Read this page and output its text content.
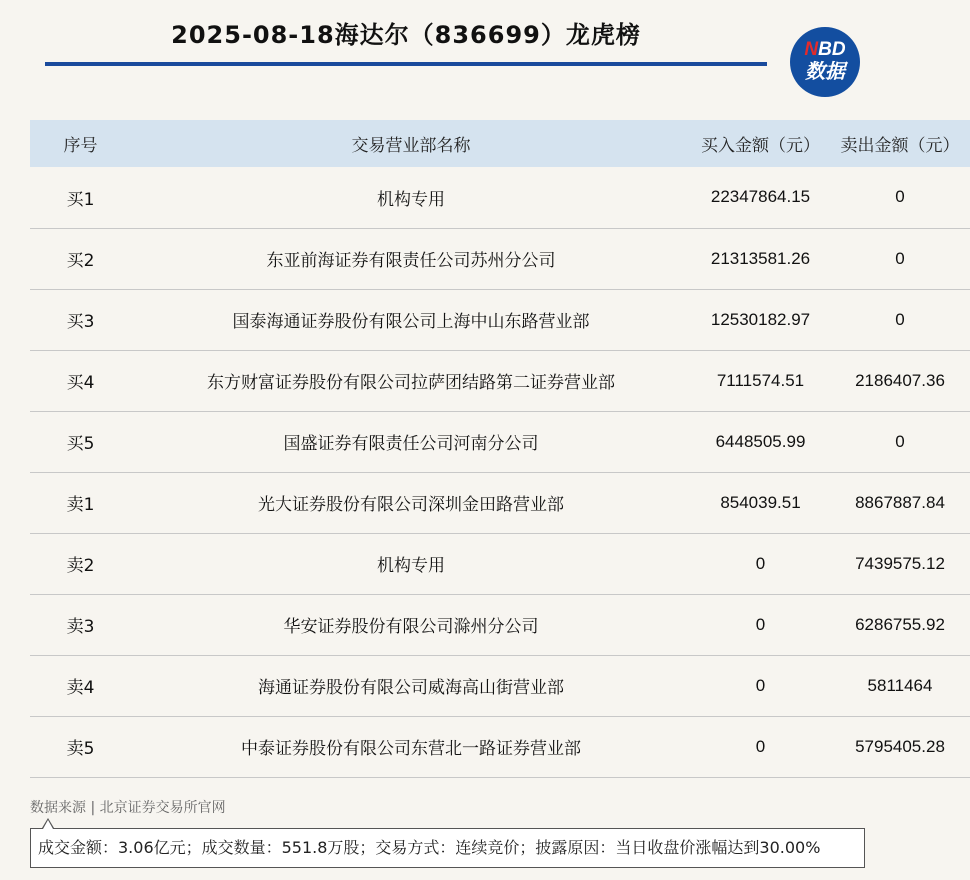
2025-08-18海达尔（836699）龙虎榜
NBD
数据
序号	交易营业部名称	买入金额（元）	卖出金额（元）
买1	机构专用	22347864.15	0
买2	东亚前海证券有限责任公司苏州分公司	21313581.26	0
买3	国泰海通证券股份有限公司上海中山东路营业部	12530182.97	0
买4	东方财富证券股份有限公司拉萨团结路第二证券营业部	7111574.51	2186407.36
买5	国盛证券有限责任公司河南分公司	6448505.99	0
卖1	光大证券股份有限公司深圳金田路营业部	854039.51	8867887.84
卖2	机构专用	0	7439575.12
卖3	华安证券股份有限公司滁州分公司	0	6286755.92
卖4	海通证券股份有限公司威海高山街营业部	0	5811464
卖5	中泰证券股份有限公司东营北一路证券营业部	0	5795405.28
数据来源 | 北京证券交易所官网
成交金额：3.06亿元；成交数量：551.8万股；交易方式：连续竞价；披露原因：当日收盘价涨幅达到30.00%
